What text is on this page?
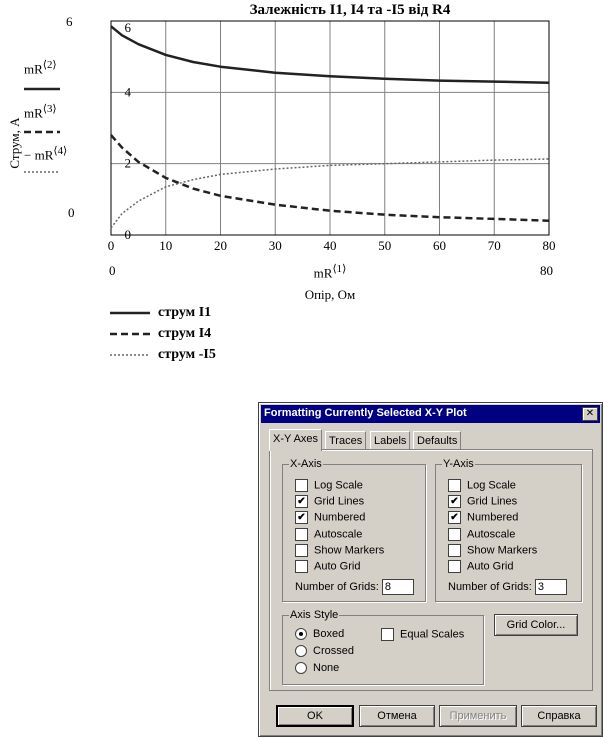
Залежність I1, I4 та -I5 від R4
6
0
0	80
$mR^{⟨1⟩}$
Опір, Ом
Струм, А
$mR^{⟨2⟩}$
$mR^{⟨3⟩}$
− $mR^{⟨4⟩}$
0	10	20	30	40	50	60	70	80
0
2
4
6
струм I1
струм I4
струм -I5
Formatting Currently Selected X-Y Plot	✕
X-Y Axes Traces	Labels Defaults
X-Axis
Log Scale
✔ Grid Lines
✔ Numbered
Autoscale
Show Markers
Auto Grid
Number of Grids: 8
Y-Axis
Log Scale
✔ Grid Lines
✔ Numbered
Autoscale
Show Markers
Auto Grid
Number of Grids: 3
Axis Style
Boxed
Crossed
None
Equal Scales
Grid Color...
OK	Отмена	Применить	Справка
